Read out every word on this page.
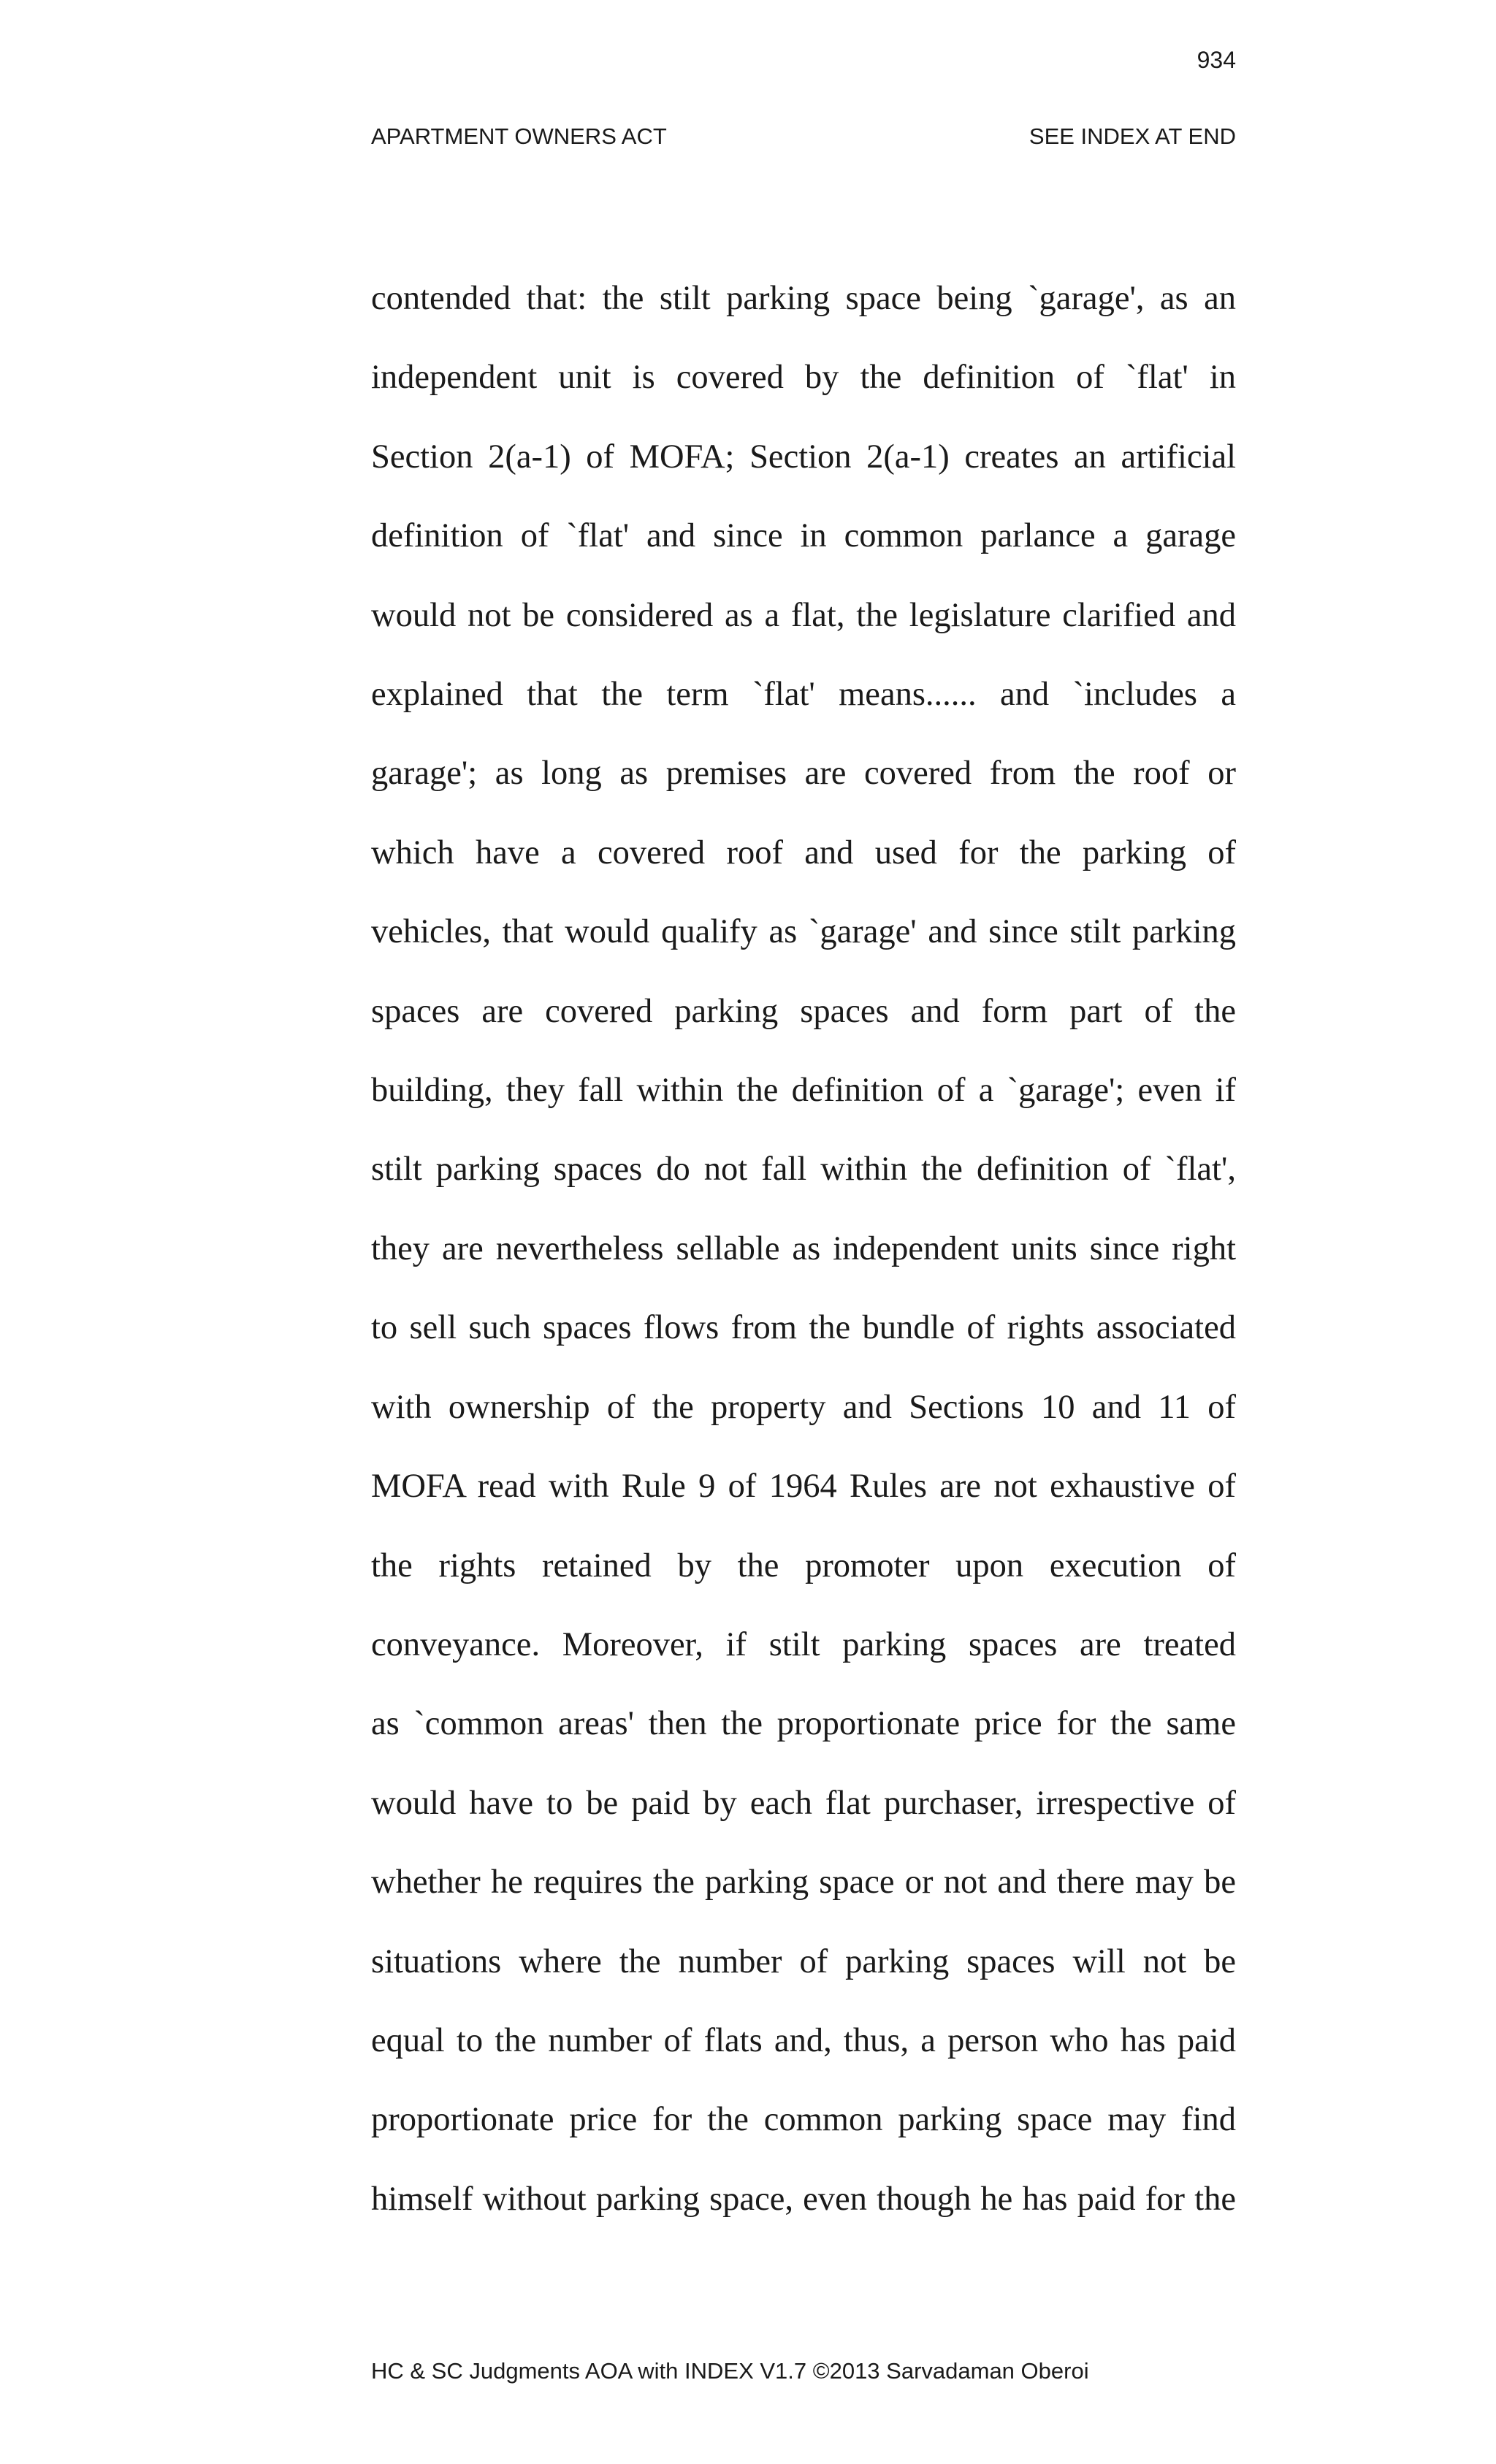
934
APARTMENT OWNERS ACT	SEE INDEX AT END
contended that: the stilt parking space being `garage', as an
independent unit is covered by the definition of `flat' in
Section 2(a-1) of MOFA; Section 2(a-1) creates an artificial
definition of `flat' and since in common parlance a garage
would not be considered as a flat, the legislature clarified and
explained that the term `flat' means...... and `includes a
garage'; as long as premises are covered from the roof or
which have a covered roof and used for the parking of
vehicles, that would qualify as `garage' and since stilt parking
spaces are covered parking spaces and form part of the
building, they fall within the definition of a `garage'; even if
stilt parking spaces do not fall within the definition of `flat',
they are nevertheless sellable as independent units since right
to sell such spaces flows from the bundle of rights associated
with ownership of the property and Sections 10 and 11 of
MOFA read with Rule 9 of 1964 Rules are not exhaustive of
the rights retained by the promoter upon execution of
conveyance. Moreover, if stilt parking spaces are treated
as `common areas' then the proportionate price for the same
would have to be paid by each flat purchaser, irrespective of
whether he requires the parking space or not and there may be
situations where the number of parking spaces will not be
equal to the number of flats and, thus, a person who has paid
proportionate price for the common parking space may find
himself without parking space, even though he has paid for the
HC & SC Judgments AOA with INDEX V1.7 ©2013 Sarvadaman Oberoi
